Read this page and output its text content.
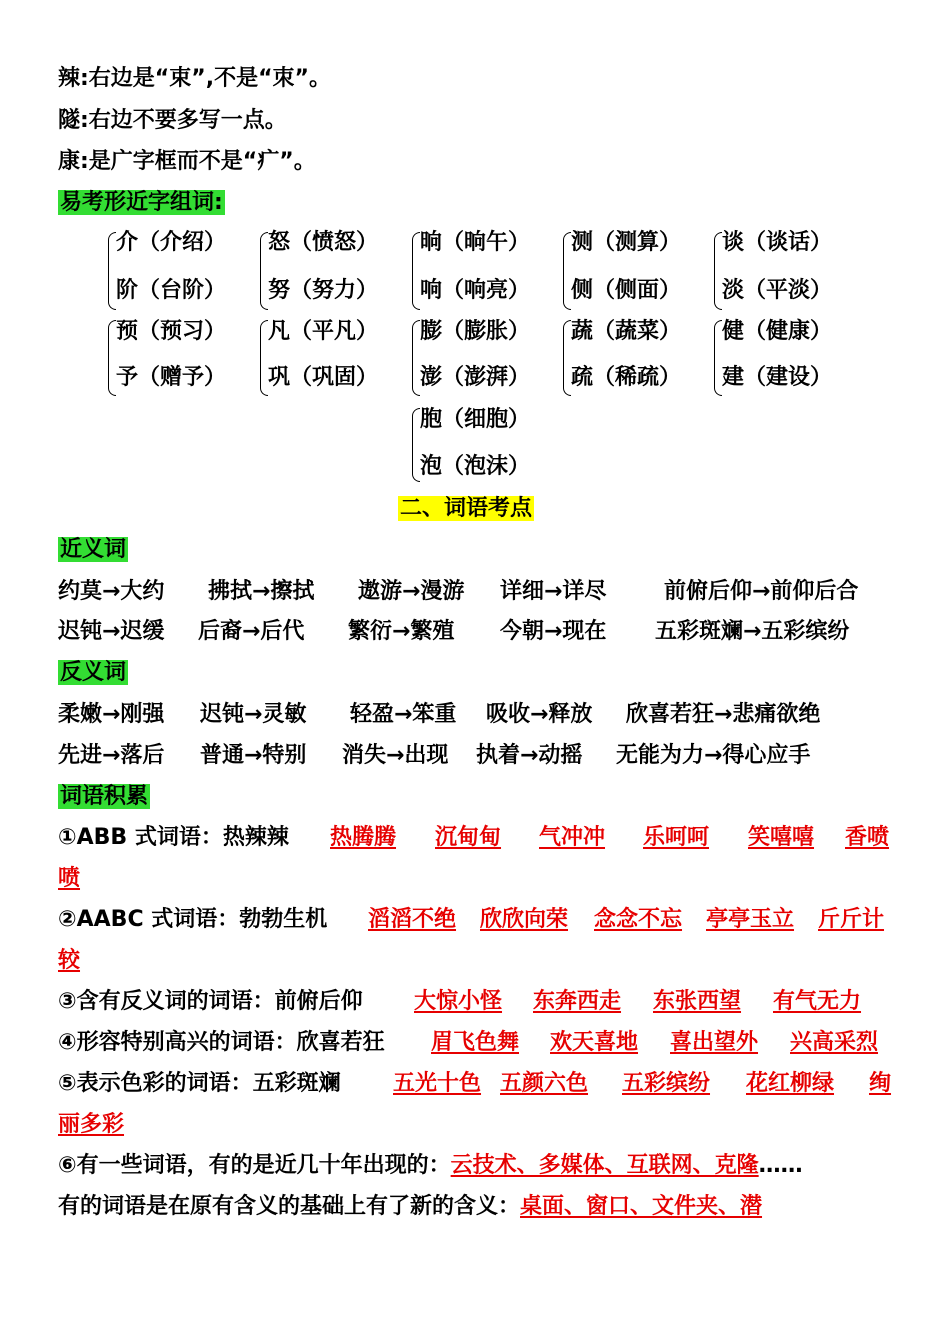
辣:右边是“束”,不是“朿”。
隧:右边不要多写一点。
康:是广字框而不是“疒”。
易考形近字组词:
介（介绍）
阶（台阶）
怒（愤怒）
努（努力）
晌（晌午）
响（响亮）
测（测算）
侧（侧面）
谈（谈话）
淡（平淡）
预（预习）
予（赠予）
凡（平凡）
巩（巩固）
膨（膨胀）
澎（澎湃）
蔬（蔬菜）
疏（稀疏）
健（健康）
建（建设）
胞（细胞）
泡（泡沫）
二、词语考点
近义词
约莫→大约 拂拭→擦拭 遨游→漫游 详细→详尽	前俯后仰→前仰后合
迟钝→迟缓 后裔→后代 繁衍→繁殖 今朝→现在 五彩斑斓→五彩缤纷
反义词
柔嫩→刚强 迟钝→灵敏 轻盈→笨重 吸收→释放 欣喜若狂→悲痛欲绝
先进→落后 普通→特别 消失→出现 执着→动摇 无能为力→得心应手
词语积累
①ABB 式词语：热辣辣 热腾腾 沉甸甸 气冲冲 乐呵呵 笑嘻嘻 香喷
喷
②AABC 式词语：勃勃生机 滔滔不绝 欣欣向荣 念念不忘 亭亭玉立 斤斤计
较
③含有反义词的词语：前俯后仰 大惊小怪 东奔西走 东张西望 有气无力
④形容特别高兴的词语：欣喜若狂 眉飞色舞 欢天喜地 喜出望外 兴高采烈
⑤表示色彩的词语：五彩斑斓 五光十色 五颜六色 五彩缤纷 花红柳绿 绚
丽多彩
⑥有一些词语，有的是近几十年出现的：云技术、多媒体、互联网、克隆……
有的词语是在原有含义的基础上有了新的含义：桌面、窗口、文件夹、潜
